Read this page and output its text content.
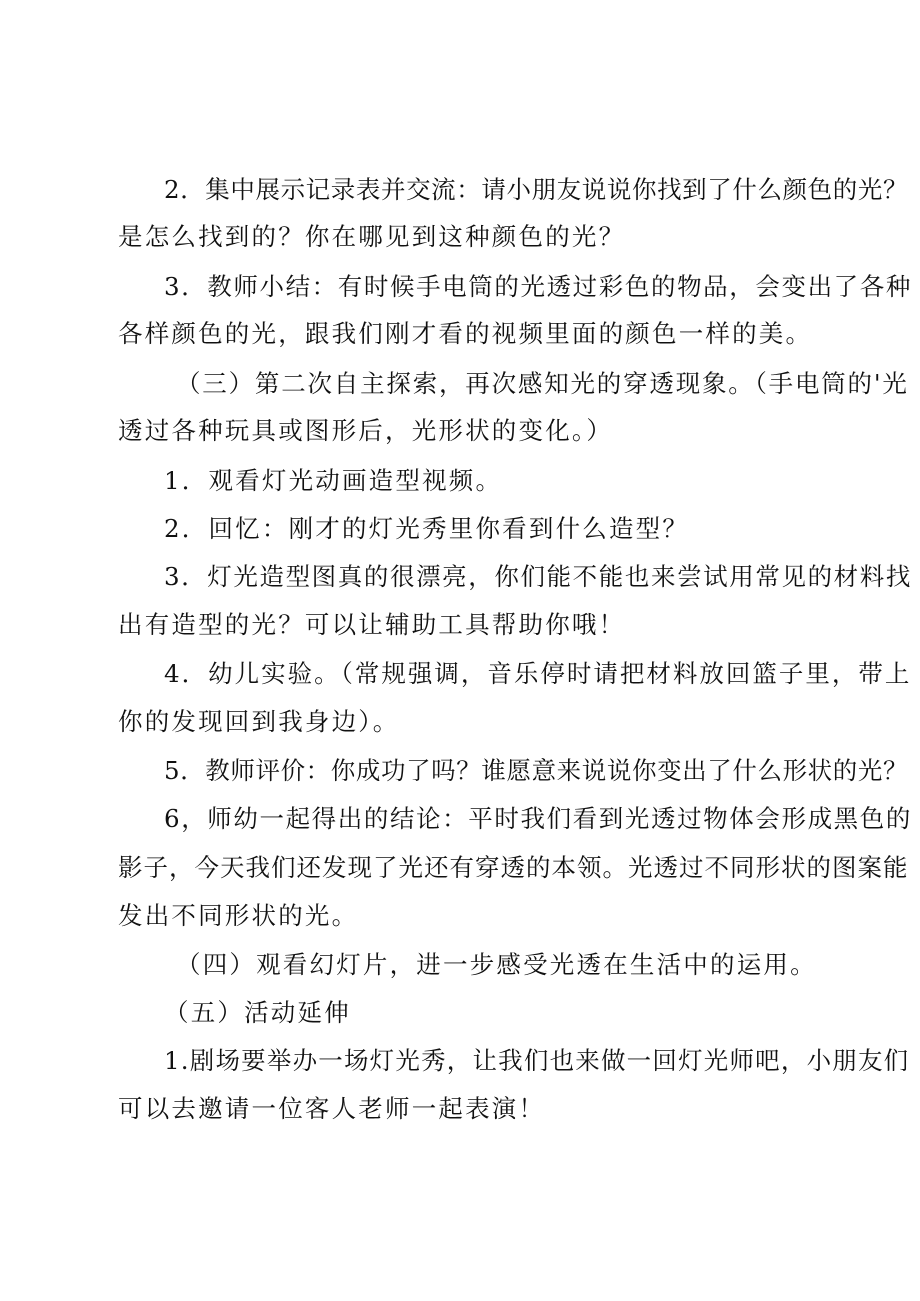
2．集中展示记录表并交流：请小朋友说说你找到了什么颜色的光？
是怎么找到的？你在哪见到这种颜色的光？
3．教师小结：有时候手电筒的光透过彩色的物品，会变出了各种
各样颜色的光，跟我们刚才看的视频里面的颜色一样的美。
（三）第二次自主探索，再次感知光的穿透现象。（手电筒的'光
透过各种玩具或图形后，光形状的变化。）
1．观看灯光动画造型视频。
2．回忆：刚才的灯光秀里你看到什么造型？
3．灯光造型图真的很漂亮，你们能不能也来尝试用常见的材料找
出有造型的光？可以让辅助工具帮助你哦！
4．幼儿实验。（常规强调，音乐停时请把材料放回篮子里，带上
你的发现回到我身边）。
5．教师评价：你成功了吗？谁愿意来说说你变出了什么形状的光？
6，师幼一起得出的结论：平时我们看到光透过物体会形成黑色的
影子，今天我们还发现了光还有穿透的本领。光透过不同形状的图案能
发出不同形状的光。
（四）观看幻灯片，进一步感受光透在生活中的运用。
（五）活动延伸
1.剧场要举办一场灯光秀，让我们也来做一回灯光师吧，小朋友们
可以去邀请一位客人老师一起表演！
